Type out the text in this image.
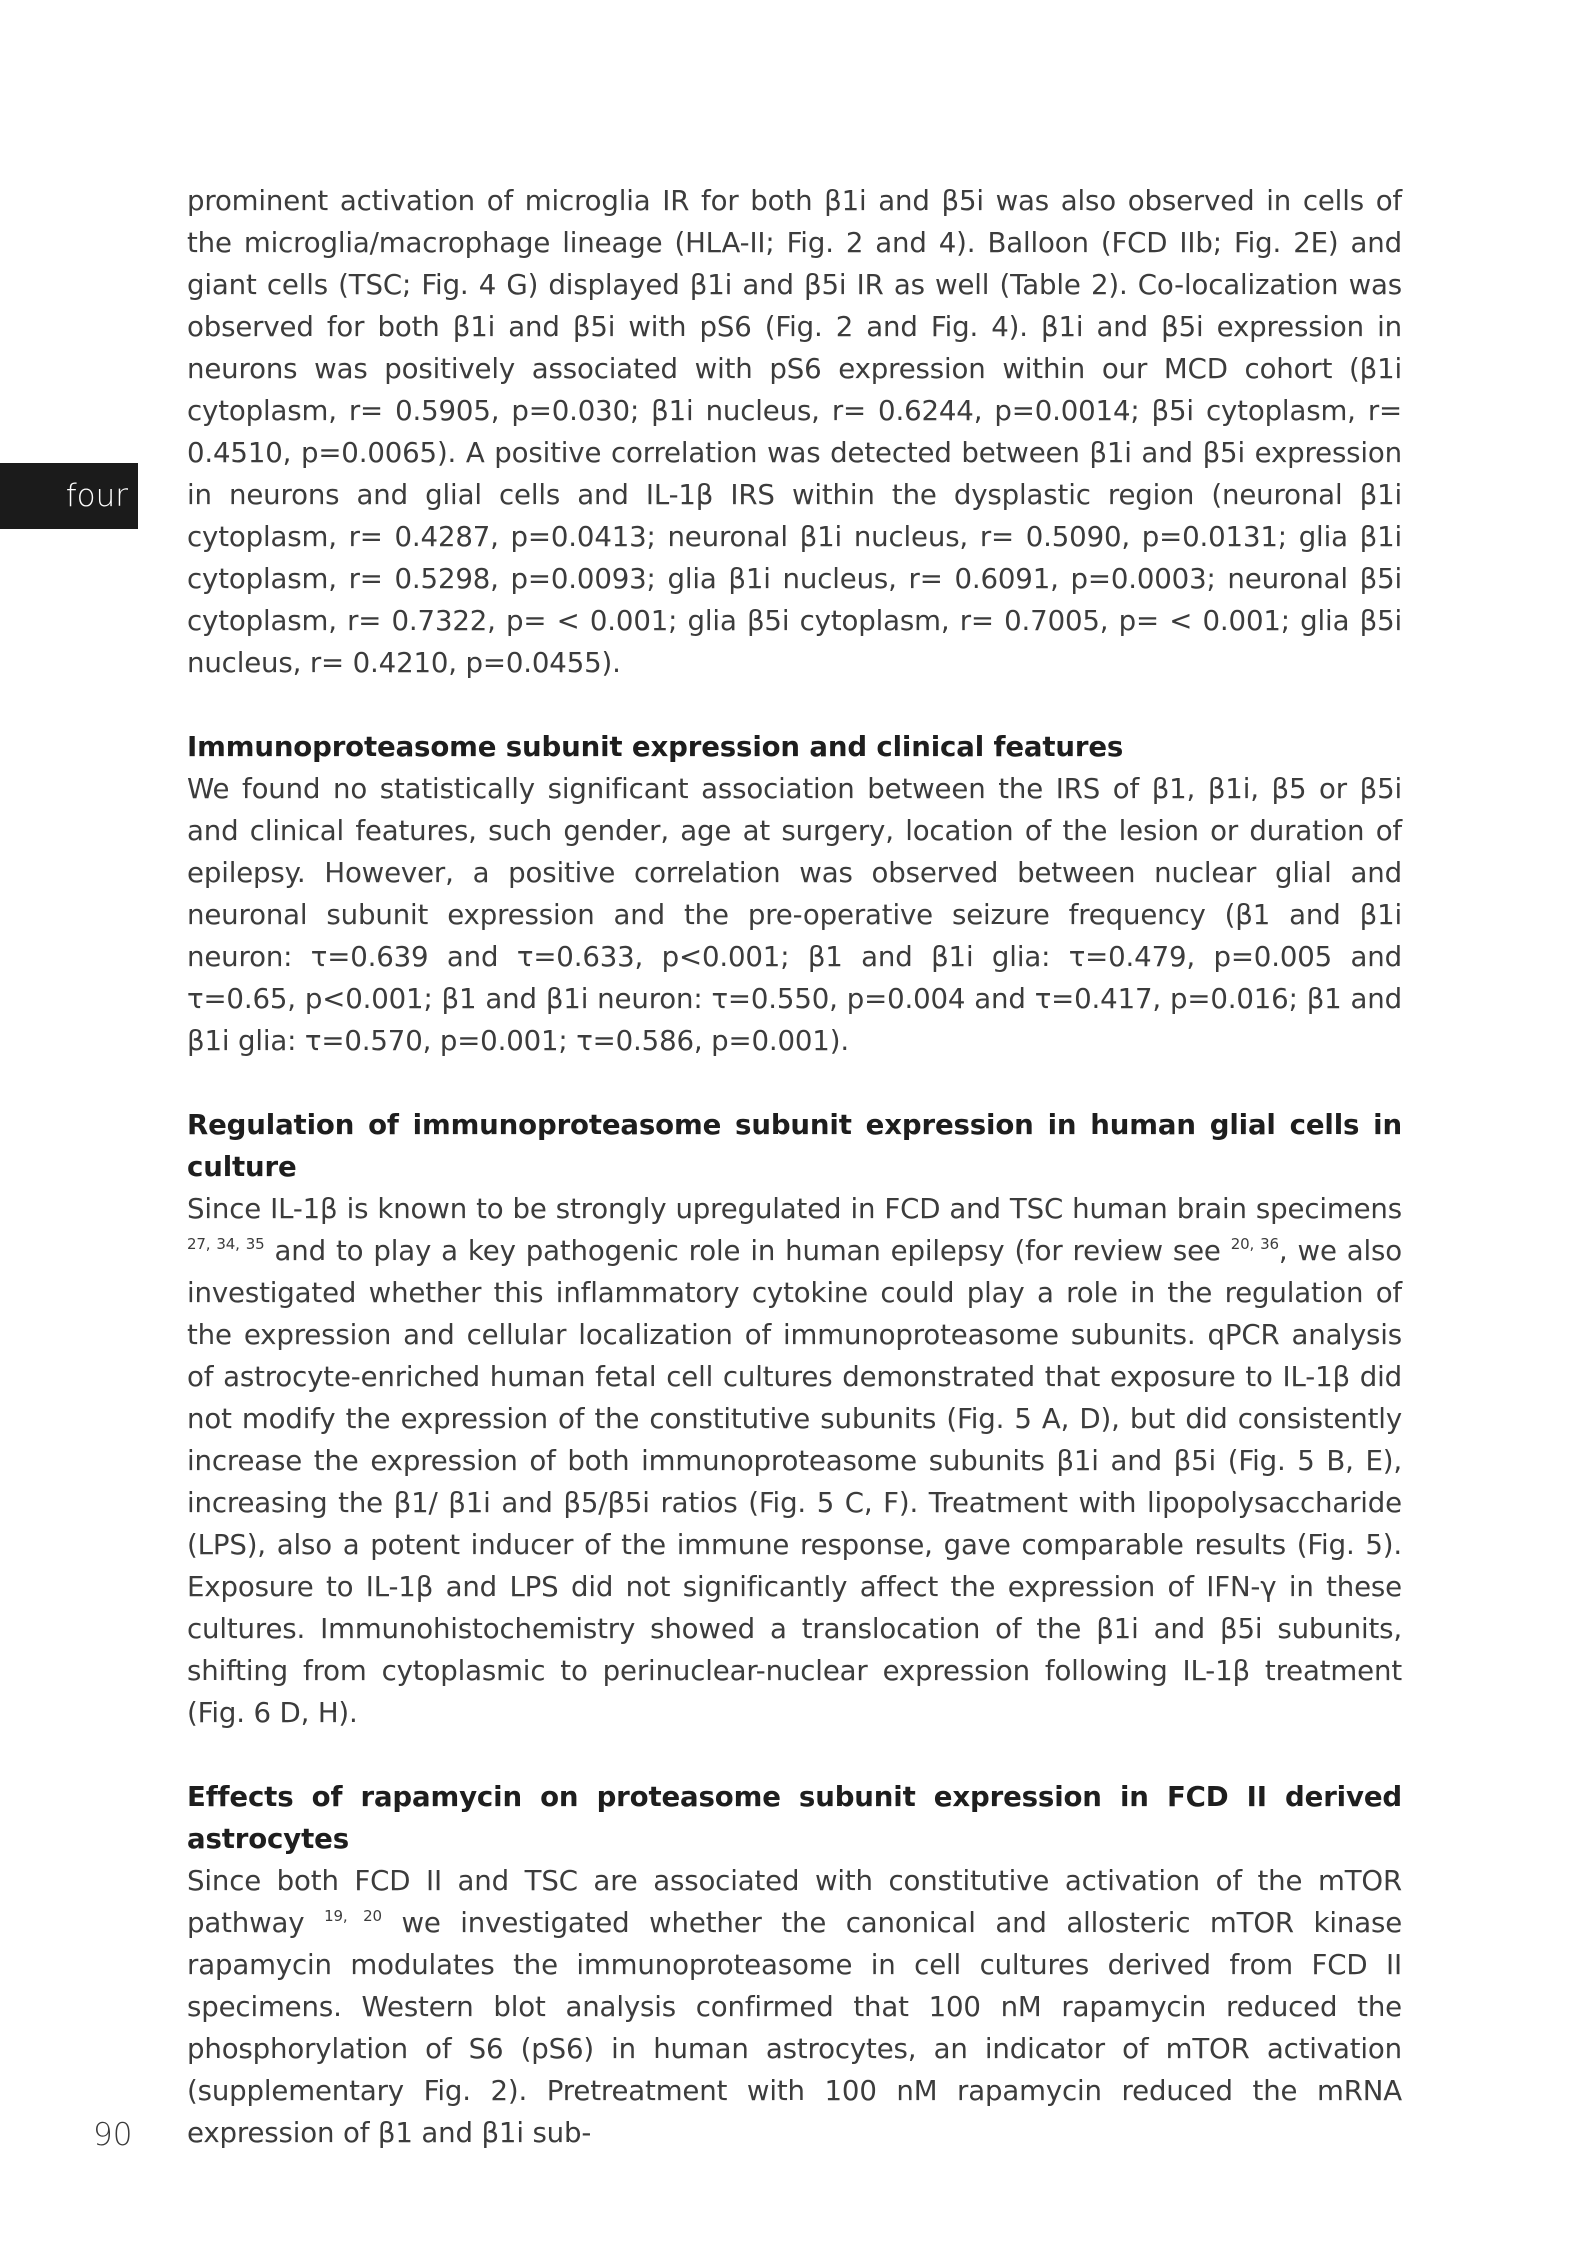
four

prominent activation of microglia IR for both β1i and β5i was also observed in cells of the microglia/macrophage lineage (HLA-II; Fig. 2 and 4). Balloon (FCD IIb; Fig. 2E) and giant cells (TSC; Fig. 4 G) displayed β1i and β5i IR as well (Table 2). Co-localization was observed for both β1i and β5i with pS6 (Fig. 2 and Fig. 4). β1i and β5i expression in neurons was positively associated with pS6 expression within our MCD cohort (β1i cytoplasm, r= 0.5905, p=0.030; β1i nucleus, r= 0.6244, p=0.0014; β5i cytoplasm, r= 0.4510, p=0.0065). A positive correlation was detected between β1i and β5i expression in neurons and glial cells and IL-1β IRS within the dysplastic region (neuronal β1i cytoplasm, r= 0.4287, p=0.0413; neuronal β1i nucleus, r= 0.5090, p=0.0131; glia β1i cytoplasm, r= 0.5298, p=0.0093; glia β1i nucleus, r= 0.6091, p=0.0003; neuronal β5i cytoplasm, r= 0.7322, p= < 0.001; glia β5i cytoplasm, r= 0.7005, p= < 0.001; glia β5i nucleus, r= 0.4210, p=0.0455).

Immunoproteasome subunit expression and clinical features

We found no statistically significant association between the IRS of β1, β1i, β5 or β5i and clinical features, such gender, age at surgery, location of the lesion or duration of epilepsy. However, a positive correlation was observed between nuclear glial and neuronal subunit expression and the pre-operative seizure frequency (β1 and β1i neuron: τ=0.639 and τ=0.633, p<0.001; β1 and β1i glia: τ=0.479, p=0.005 and τ=0.65, p<0.001; β1 and β1i neuron: τ=0.550, p=0.004 and τ=0.417, p=0.016; β1 and β1i glia: τ=0.570, p=0.001; τ=0.586, p=0.001).

Regulation of immunoproteasome subunit expression in human glial cells in culture

Since IL-1β is known to be strongly upregulated in FCD and TSC human brain specimens $^{27, 34, 35}$ and to play a key pathogenic role in human epilepsy (for review see $^{20, 36}$, we also investigated whether this inflammatory cytokine could play a role in the regulation of the expression and cellular localization of immunoproteasome subunits. qPCR analysis of astrocyte-enriched human fetal cell cultures demonstrated that exposure to IL-1β did not modify the expression of the constitutive subunits (Fig. 5 A, D), but did consistently increase the expression of both immunoproteasome subunits β1i and β5i (Fig. 5 B, E), increasing the β1/ β1i and β5/β5i ratios (Fig. 5 C, F). Treatment with lipopolysaccharide (LPS), also a potent inducer of the immune response, gave comparable results (Fig. 5). Exposure to IL-1β and LPS did not significantly affect the expression of IFN-γ in these cultures. Immunohistochemistry showed a translocation of the β1i and β5i subunits, shifting from cytoplasmic to perinuclear-nuclear expression following IL-1β treatment (Fig. 6 D, H).

Effects of rapamycin on proteasome subunit expression in FCD II derived astrocytes

Since both FCD II and TSC are associated with constitutive activation of the mTOR pathway $^{19, 20}$ we investigated whether the canonical and allosteric mTOR kinase rapamycin modulates the immunoproteasome in cell cultures derived from FCD II specimens. Western blot analysis confirmed that 100 nM rapamycin reduced the phosphorylation of S6 (pS6) in human astrocytes, an indicator of mTOR activation (supplementary Fig. 2). Pretreatment with 100 nM rapamycin reduced the mRNA expression of β1 and β1i sub-

90
